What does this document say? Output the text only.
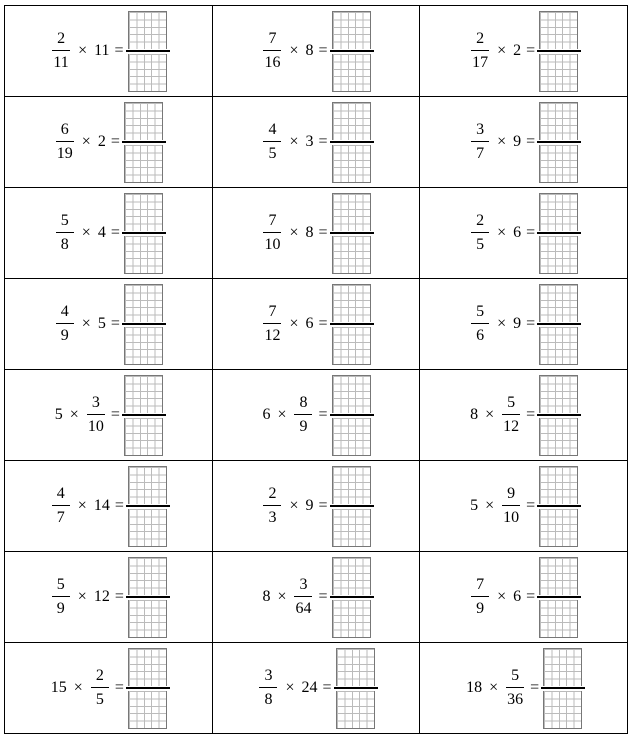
$\frac{2}{11} \times 11$ =	$\frac{7}{16} \times 8$ =	$\frac{2}{17} \times 2$ =

$\frac{6}{19} \times 2$ =	$\frac{4}{5} \times 3$ =	$\frac{3}{7} \times 9$ =

$\frac{5}{8} \times 4$ =	$\frac{7}{10} \times 8$ =	$\frac{2}{5} \times 6$ =

$\frac{4}{9} \times 5$ =	$\frac{7}{12} \times 6$ =	$\frac{5}{6} \times 9$ =

$5 \times \frac{3}{10}$ =	$6 \times \frac{8}{9}$ =	$8 \times \frac{5}{12}$ =

$\frac{4}{7} \times 14$ =	$\frac{2}{3} \times 9$ =	$5 \times \frac{9}{10}$ =

$\frac{5}{9} \times 12$ =	$8 \times \frac{3}{64}$ =	$\frac{7}{9} \times 6$ =

$15 \times \frac{2}{5}$ =	$\frac{3}{8} \times 24$ =	$18 \times \frac{5}{36}$ =
